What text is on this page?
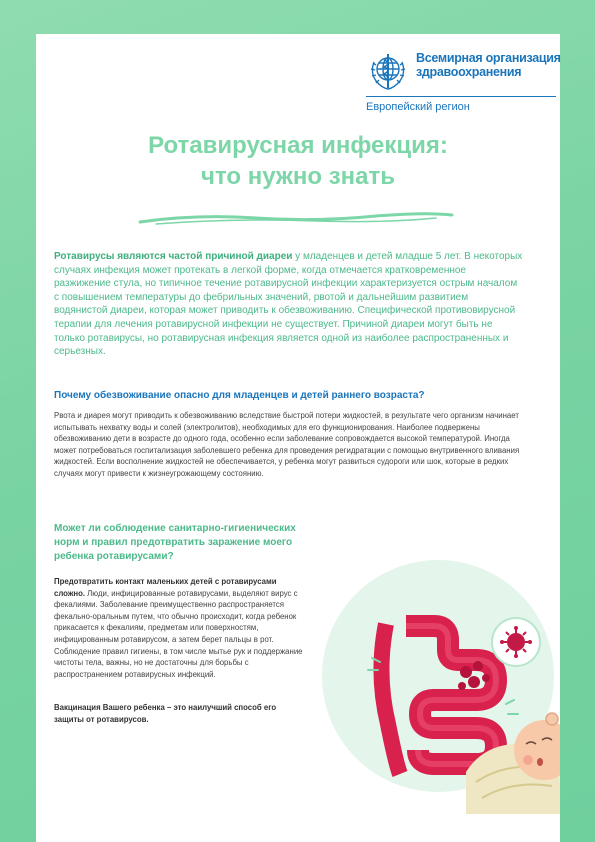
Всемирная организация здравоохранения
Европейский регион
Ротавирусная инфекция:
что нужно знать

Ротавирусы являются частой причиной диареи у младенцев и детей младше 5 лет. В некоторых случаях инфекция может протекать в легкой форме, когда отмечается кратковременное разжижение стула, но типичное течение ротавирусной инфекции характеризуется острым началом с повышением температуры до фебрильных значений, рвотой и дальнейшим развитием водянистой диареи, которая может приводить к обезвоживанию. Специфической противовирусной терапии для лечения ротавирусной инфекции не существует. Причиной диареи могут быть не только ротавирусы, но ротавирусная инфекция является одной из наиболее распространенных и серьезных.

Почему обезвоживание опасно для младенцев и детей раннего возраста?

Рвота и диарея могут приводить к обезвоживанию вследствие быстрой потери жидкостей, в результате чего организм начинает испытывать нехватку воды и солей (электролитов), необходимых для его функционирования. Наиболее подвержены обезвоживанию дети в возрасте до одного года, особенно если заболевание сопровождается высокой температурой. Иногда может потребоваться госпитализация заболевшего ребенка для проведения регидратации с помощью внутривенного вливания жидкостей. Если восполнение жидкостей не обеспечивается, у ребенка могут развиться судороги или шок, которые в редких случаях могут привести к жизнеугрожающему состоянию.

Может ли соблюдение санитарно-гигиенических норм и правил предотвратить заражение моего ребенка ротавирусами?

Предотвратить контакт маленьких детей с ротавирусами сложно. Люди, инфицированные ротавирусами, выделяют вирус с фекалиями. Заболевание преимущественно распространяется фекально-оральным путем, что обычно происходит, когда ребенок прикасается к фекалиям, предметам или поверхностям, инфицированным ротавирусом, а затем берет пальцы в рот. Соблюдение правил гигиены, в том числе мытье рук и поддержание чистоты тела, важны, но не достаточны для борьбы с распространением ротавирусных инфекций.

Вакцинация Вашего ребенка – это наилучший способ его защиты от ротавирусов.
